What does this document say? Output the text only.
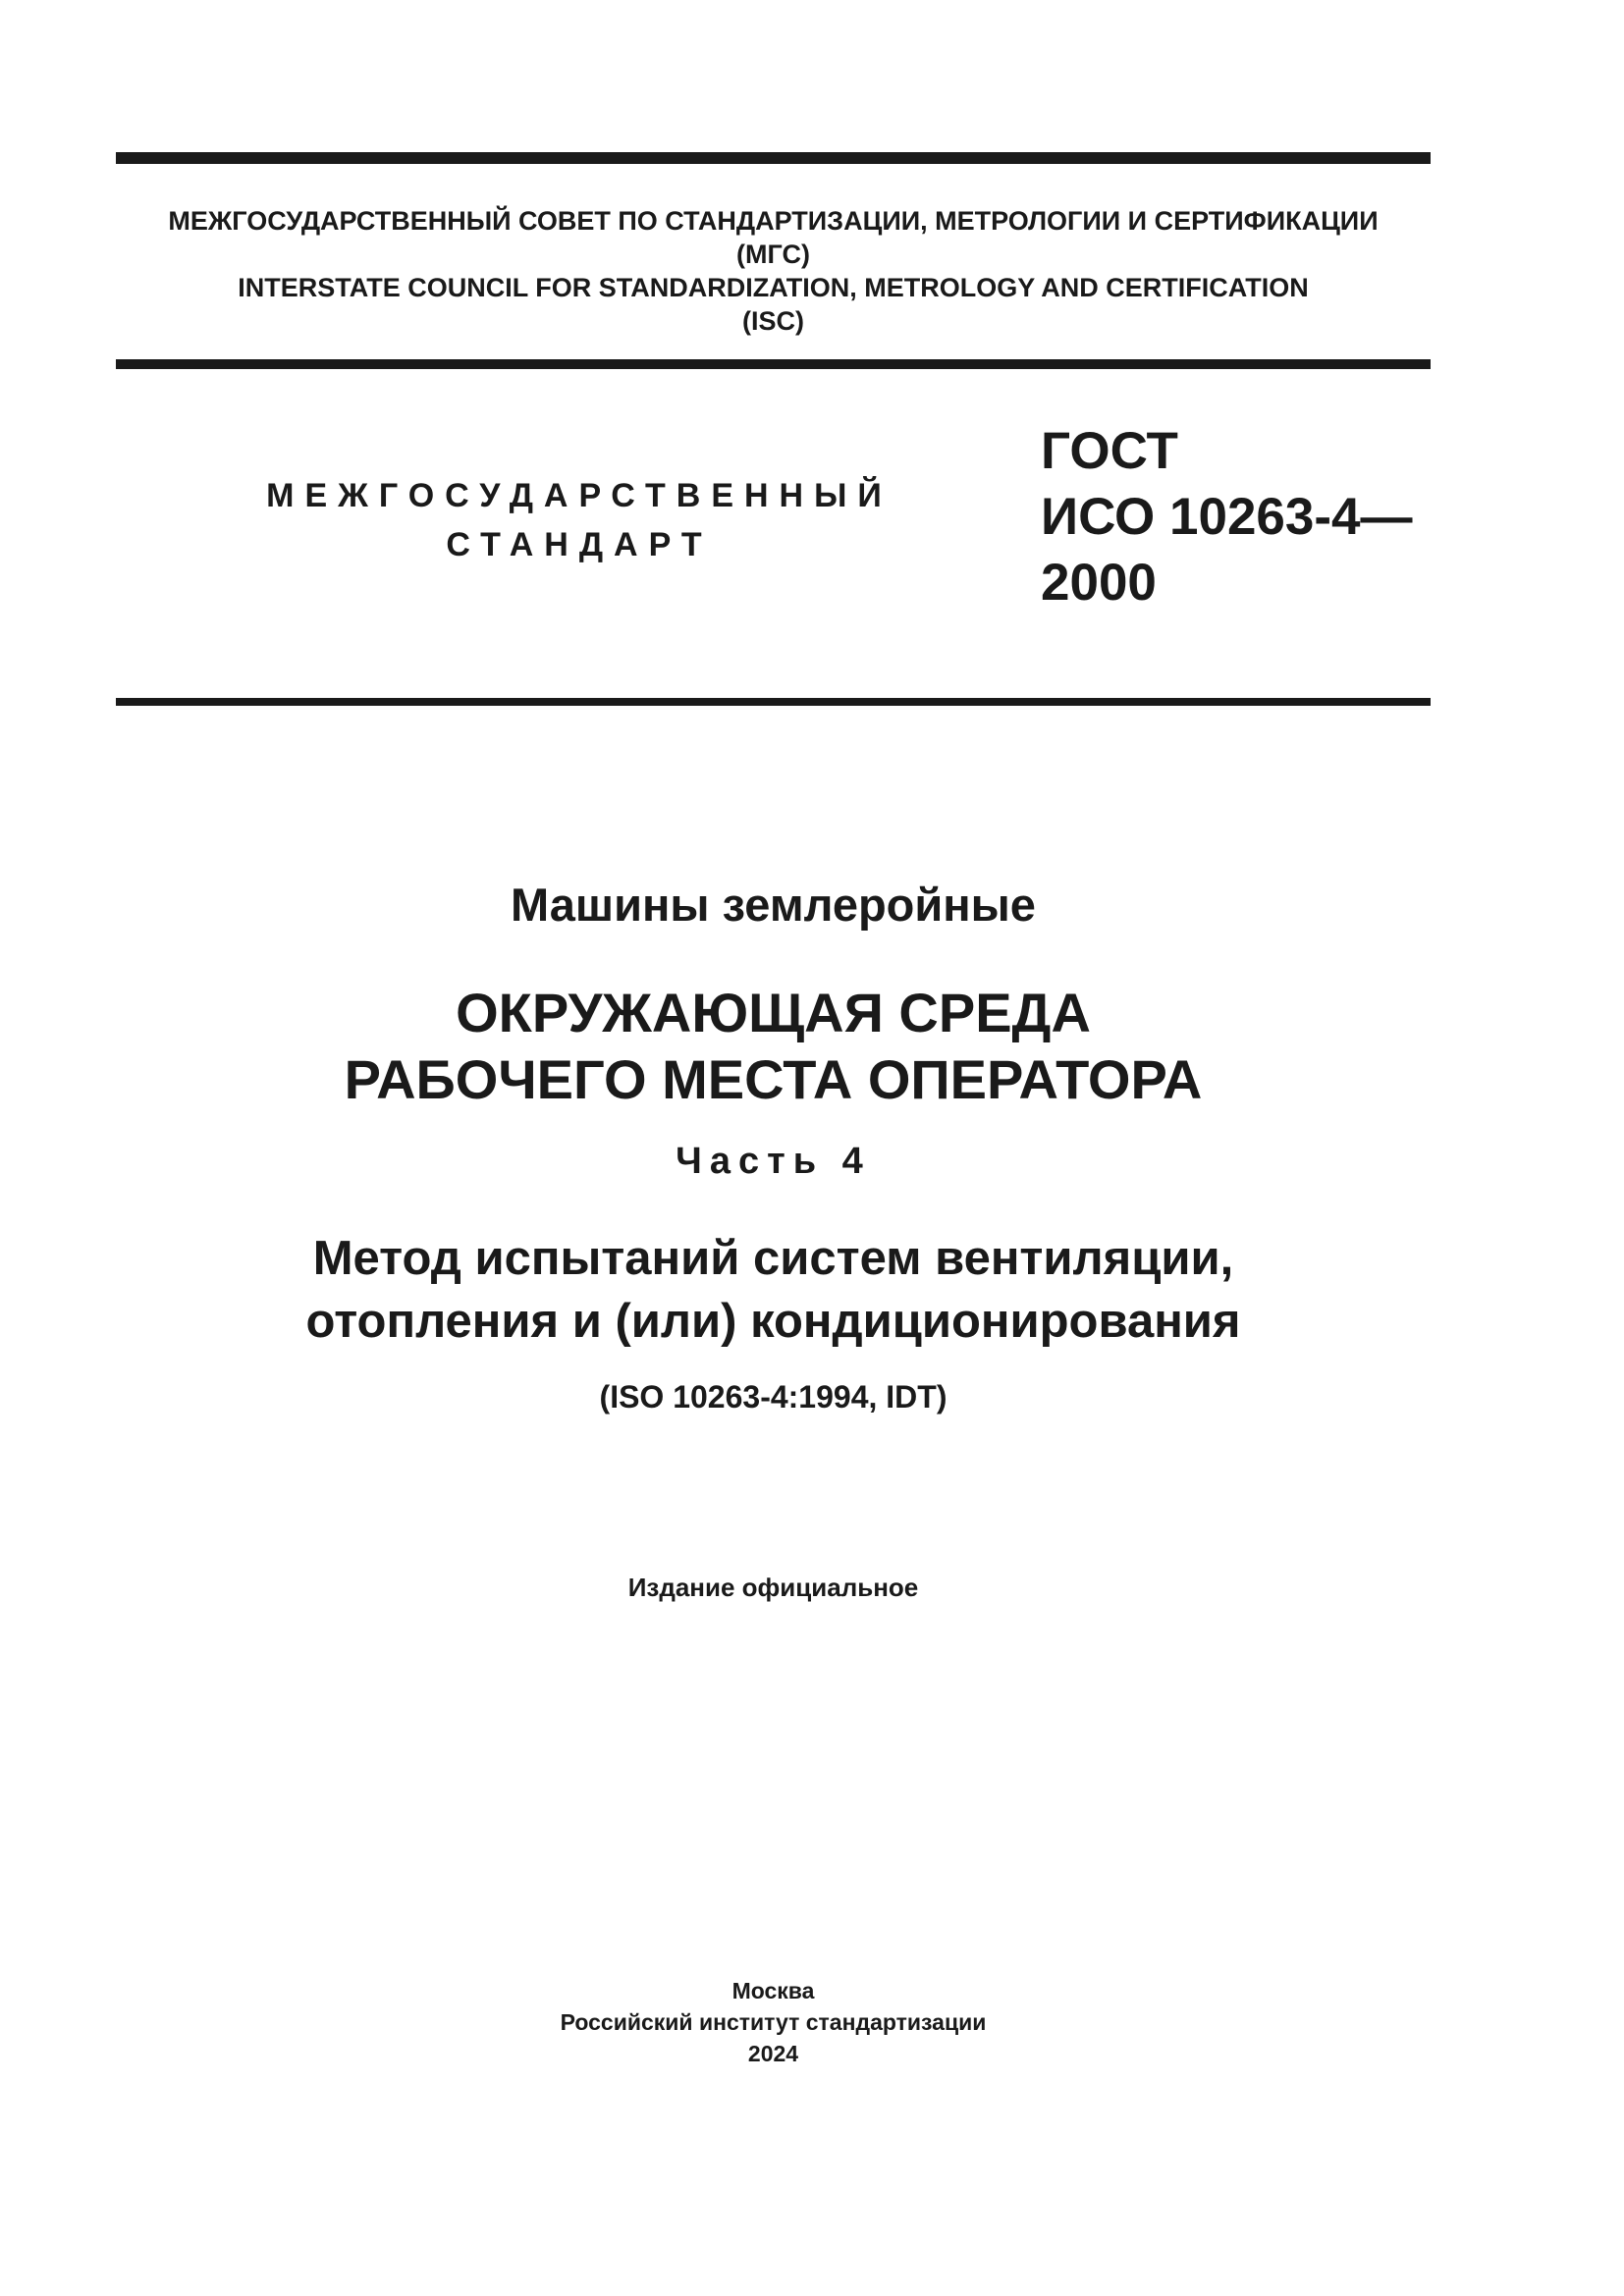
МЕЖГОСУДАРСТВЕННЫЙ СОВЕТ ПО СТАНДАРТИЗАЦИИ, МЕТРОЛОГИИ И СЕРТИФИКАЦИИ
(МГС)
INTERSTATE COUNCIL FOR STANDARDIZATION, METROLOGY AND CERTIFICATION
(ISC)
МЕЖГОСУДАРСТВЕННЫЙ
СТАНДАРТ
ГОСТ
ИСО 10263-4—
2000
Машины землеройные
ОКРУЖАЮЩАЯ СРЕДА
РАБОЧЕГО МЕСТА ОПЕРАТОРА
Часть 4
Метод испытаний систем вентиляции,
отопления и (или) кондиционирования
(ISO 10263-4:1994, IDT)
Издание официальное
Москва
Российский институт стандартизации
2024
